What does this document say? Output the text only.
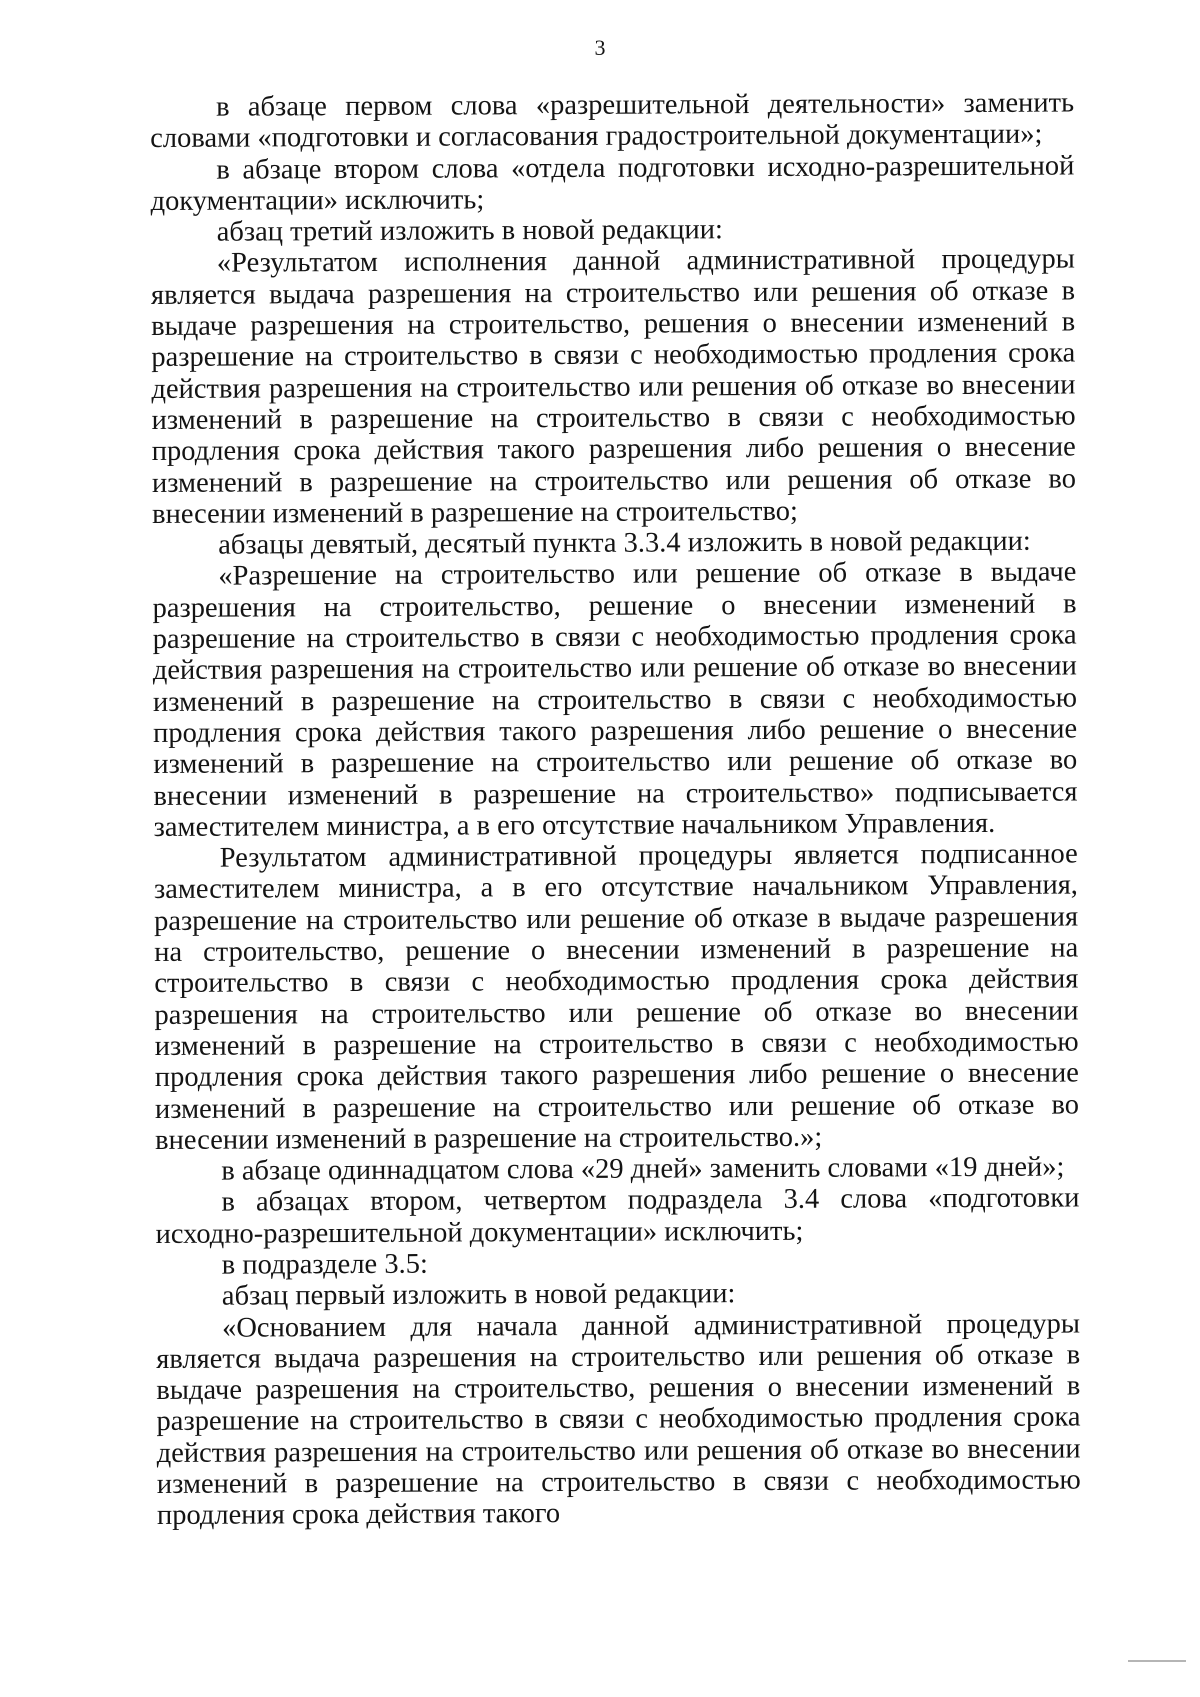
3

в абзаце первом слова «разрешительной деятельности» заменить словами «подготовки и согласования градостроительной документации»;

в абзаце втором слова «отдела подготовки исходно-разрешительной документации» исключить;

абзац третий изложить в новой редакции:

«Результатом исполнения данной административной процедуры является выдача разрешения на строительство или решения об отказе в выдаче разрешения на строительство, решения о внесении изменений в разрешение на строительство в связи с необходимостью продления срока действия разрешения на строительство или решения об отказе во внесении изменений в разрешение на строительство в связи с необходимостью продления срока действия такого разрешения либо решения о внесение изменений в разрешение на строительство или решения об отказе во внесении изменений в разрешение на строительство;

абзацы девятый, десятый пункта 3.3.4 изложить в новой редакции:

«Разрешение на строительство или решение об отказе в выдаче разрешения на строительство, решение о внесении изменений в разрешение на строительство в связи с необходимостью продления срока действия разрешения на строительство или решение об отказе во внесении изменений в разрешение на строительство в связи с необходимостью продления срока действия такого разрешения либо решение о внесение изменений в разрешение на строительство или решение об отказе во внесении изменений в разрешение на строительство» подписывается заместителем министра, а в его отсутствие начальником Управления.

Результатом административной процедуры является подписанное заместителем министра, а в его отсутствие начальником Управления, разрешение на строительство или решение об отказе в выдаче разрешения на строительство, решение о внесении изменений в разрешение на строительство в связи с необходимостью продления срока действия разрешения на строительство или решение об отказе во внесении изменений в разрешение на строительство в связи с необходимостью продления срока действия такого разрешения либо решение о внесение изменений в разрешение на строительство или решение об отказе во внесении изменений в разрешение на строительство.»;

в абзаце одиннадцатом слова «29 дней» заменить словами «19 дней»;

в абзацах втором, четвертом подраздела 3.4 слова «подготовки исходно-разрешительной документации» исключить;

в подразделе 3.5:

абзац первый изложить в новой редакции:

«Основанием для начала данной административной процедуры является выдача разрешения на строительство или решения об отказе в выдаче разрешения на строительство, решения о внесении изменений в разрешение на строительство в связи с необходимостью продления срока действия разрешения на строительство или решения об отказе во внесении изменений в разрешение на строительство в связи с необходимостью продления срока действия такого
